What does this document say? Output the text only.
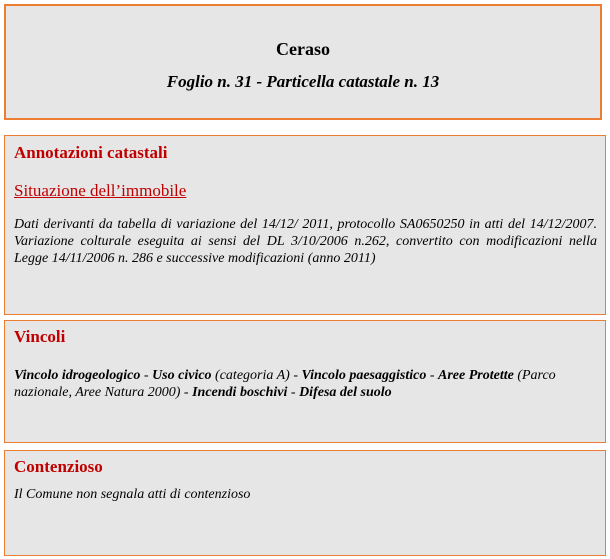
Ceraso
Foglio n. 31 - Particella catastale n. 13
Annotazioni catastali
Situazione dell’immobile
Dati derivanti da tabella di variazione del 14/12/ 2011, protocollo SA0650250 in atti del 14/12/2007. Variazione colturale eseguita ai sensi del DL 3/10/2006 n.262, convertito con modificazioni nella Legge 14/11/2006 n. 286 e successive modificazioni (anno 2011)
Vincoli
Vincolo idrogeologico - Uso civico (categoria A) - Vincolo paesaggistico - Aree Protette (Parco nazionale, Aree Natura 2000) - Incendi boschivi - Difesa del suolo
Contenzioso
Il Comune non segnala atti di contenzioso
